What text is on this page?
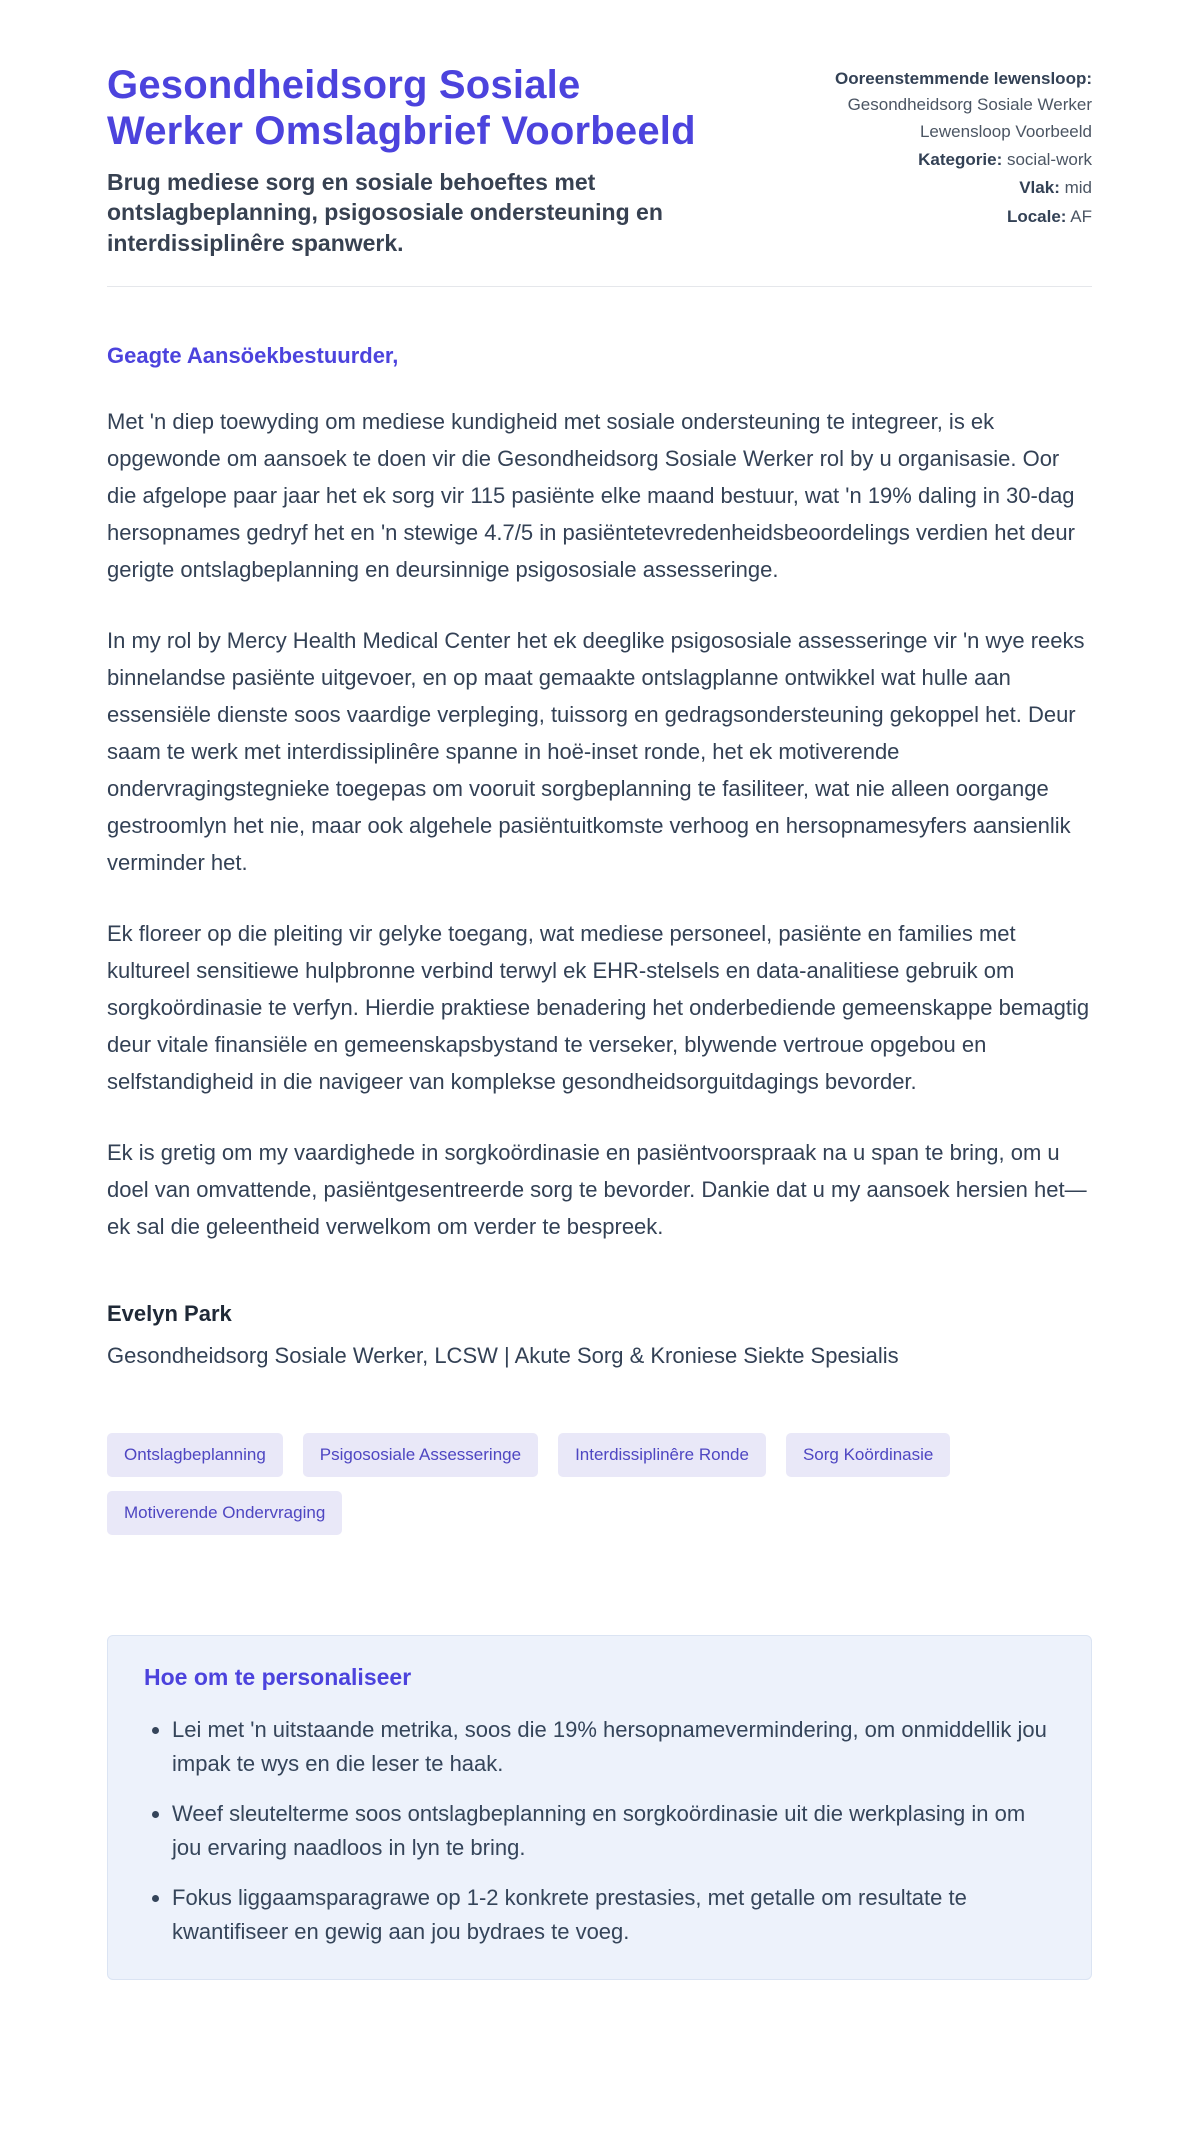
Gesondheidsorg Sosiale Werker Omslagbrief Voorbeeld

Brug mediese sorg en sosiale behoeftes met ontslagbeplanning, psigososiale ondersteuning en interdissiplinêre spanwerk.

Ooreenstemmende lewensloop: Gesondheidsorg Sosiale Werker Lewensloop Voorbeeld
Kategorie: social-work
Vlak: mid
Locale: AF
Geagte Aansöekbestuurder,

Met 'n diep toewyding om mediese kundigheid met sosiale ondersteuning te integreer, is ek opgewonde om aansoek te doen vir die Gesondheidsorg Sosiale Werker rol by u organisasie. Oor die afgelope paar jaar het ek sorg vir 115 pasiënte elke maand bestuur, wat 'n 19% daling in 30-dag hersopnames gedryf het en 'n stewige 4.7/5 in pasiëntetevredenheidsbeoordelings verdien het deur gerigte ontslagbeplanning en deursinnige psigososiale assesseringe.

In my rol by Mercy Health Medical Center het ek deeglike psigososiale assesseringe vir 'n wye reeks binnelandse pasiënte uitgevoer, en op maat gemaakte ontslagplanne ontwikkel wat hulle aan essensiële dienste soos vaardige verpleging, tuissorg en gedragsondersteuning gekoppel het. Deur saam te werk met interdissiplinêre spanne in hoë-inset ronde, het ek motiverende ondervragingstegnieke toegepas om vooruit sorgbeplanning te fasiliteer, wat nie alleen oorgange gestroomlyn het nie, maar ook algehele pasiëntuitkomste verhoog en hersopnamesyfers aansienlik verminder het.

Ek floreer op die pleiting vir gelyke toegang, wat mediese personeel, pasiënte en families met kultureel sensitiewe hulpbronne verbind terwyl ek EHR-stelsels en data-analitiese gebruik om sorgkoördinasie te verfyn. Hierdie praktiese benadering het onderbediende gemeenskappe bemagtig deur vitale finansiële en gemeenskapsbystand te verseker, blywende vertroue opgebou en selfstandigheid in die navigeer van komplekse gesondheidsorguitdagings bevorder.

Ek is gretig om my vaardighede in sorgkoördinasie en pasiëntvoorspraak na u span te bring, om u doel van omvattende, pasiëntgesentreerde sorg te bevorder. Dankie dat u my aansoek hersien het—ek sal die geleentheid verwelkom om verder te bespreek.

Evelyn Park
Gesondheidsorg Sosiale Werker, LCSW | Akute Sorg & Kroniese Siekte Spesialis
Ontslagbeplanning	Psigososiale Assesseringe	Interdissiplinêre Ronde	Sorg Koördinasie
Motiverende Ondervraging
Hoe om te personaliseer
• Lei met 'n uitstaande metrika, soos die 19% hersopnamevermindering, om onmiddellik jou impak te wys en die leser te haak.
• Weef sleutelterme soos ontslagbeplanning en sorgkoördinasie uit die werkplasing in om jou ervaring naadloos in lyn te bring.
• Fokus liggaamsparagrawe op 1-2 konkrete prestasies, met getalle om resultate te kwantifiseer en gewig aan jou bydraes te voeg.
